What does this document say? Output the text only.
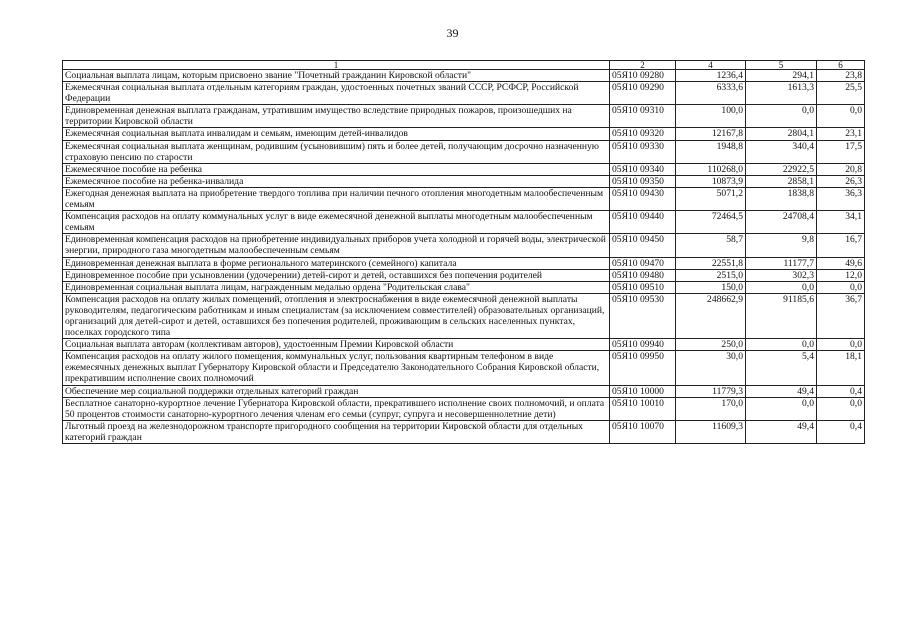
39
1	2	4	5	6
Социальная выплата лицам, которым присвоено звание "Почетный гражданин Кировской области"	05Я10 09280	1236,4	294,1	23,8
Ежемесячная социальная выплата отдельным категориям граждан, удостоенных почетных званий СССР, РСФСР, Российской Федерации	05Я10 09290	6333,6	1613,3	25,5
Единовременная денежная выплата гражданам, утратившим имущество вследствие природных пожаров, произошедших на территории Кировской области	05Я10 09310	100,0	0,0	0,0
Ежемесячная социальная выплата инвалидам и семьям, имеющим детей-инвалидов	05Я10 09320	12167,8	2804,1	23,1
Ежемесячная социальная выплата женщинам, родившим (усыновившим) пять и более детей, получающим досрочно назначенную страховую пенсию по старости	05Я10 09330	1948,8	340,4	17,5
Ежемесячное пособие на ребенка	05Я10 09340	110268,0	22922,5	20,8
Ежемесячное пособие на ребенка-инвалида	05Я10 09350	10873,9	2858,1	26,3
Ежегодная денежная выплата на приобретение твердого топлива при наличии печного отопления многодетным малообеспеченным семьям	05Я10 09430	5071,2	1838,8	36,3
Компенсация расходов на оплату коммунальных услуг в виде ежемесячной денежной выплаты многодетным малообеспеченным семьям	05Я10 09440	72464,5	24708,4	34,1
Единовременная компенсация расходов на приобретение индивидуальных приборов учета холодной и горячей воды, электрической энергии, природного газа многодетным малообеспеченным семьям	05Я10 09450	58,7	9,8	16,7
Единовременная денежная выплата в форме регионального материнского (семейного) капитала	05Я10 09470	22551,8	11177,7	49,6
Единовременное пособие при усыновлении (удочерении) детей-сирот и детей, оставшихся без попечения родителей	05Я10 09480	2515,0	302,3	12,0
Единовременная социальная выплата лицам, награжденным медалью ордена "Родительская слава"	05Я10 09510	150,0	0,0	0,0
Компенсация расходов на оплату жилых помещений, отопления и электроснабжения в виде ежемесячной денежной выплаты руководителям, педагогическим работникам и иным специалистам (за исключением совместителей) образовательных организаций, организаций для детей-сирот и детей, оставшихся без попечения родителей, проживающим в сельских населенных пунктах, поселках городского типа	05Я10 09530	248662,9	91185,6	36,7
Социальная выплата авторам (коллективам авторов), удостоенным Премии Кировской области	05Я10 09940	250,0	0,0	0,0
Компенсация расходов на оплату жилого помещения, коммунальных услуг, пользования квартирным телефоном в виде ежемесячных денежных выплат Губернатору Кировской области и Председателю Законодательного Собрания Кировской области, прекратившим исполнение своих полномочий	05Я10 09950	30,0	5,4	18,1
Обеспечение мер социальной поддержки отдельных категорий граждан	05Я10 10000	11779,3	49,4	0,4
Бесплатное санаторно-курортное лечение Губернатора Кировской области, прекратившего исполнение своих полномочий, и оплата 50 процентов стоимости санаторно-курортного лечения членам его семьи (супруг, супруга и несовершеннолетние дети)	05Я10 10010	170,0	0,0	0,0
Льготный проезд на железнодорожном транспорте пригородного сообщения на территории Кировской области для отдельных категорий граждан	05Я10 10070	11609,3	49,4	0,4
